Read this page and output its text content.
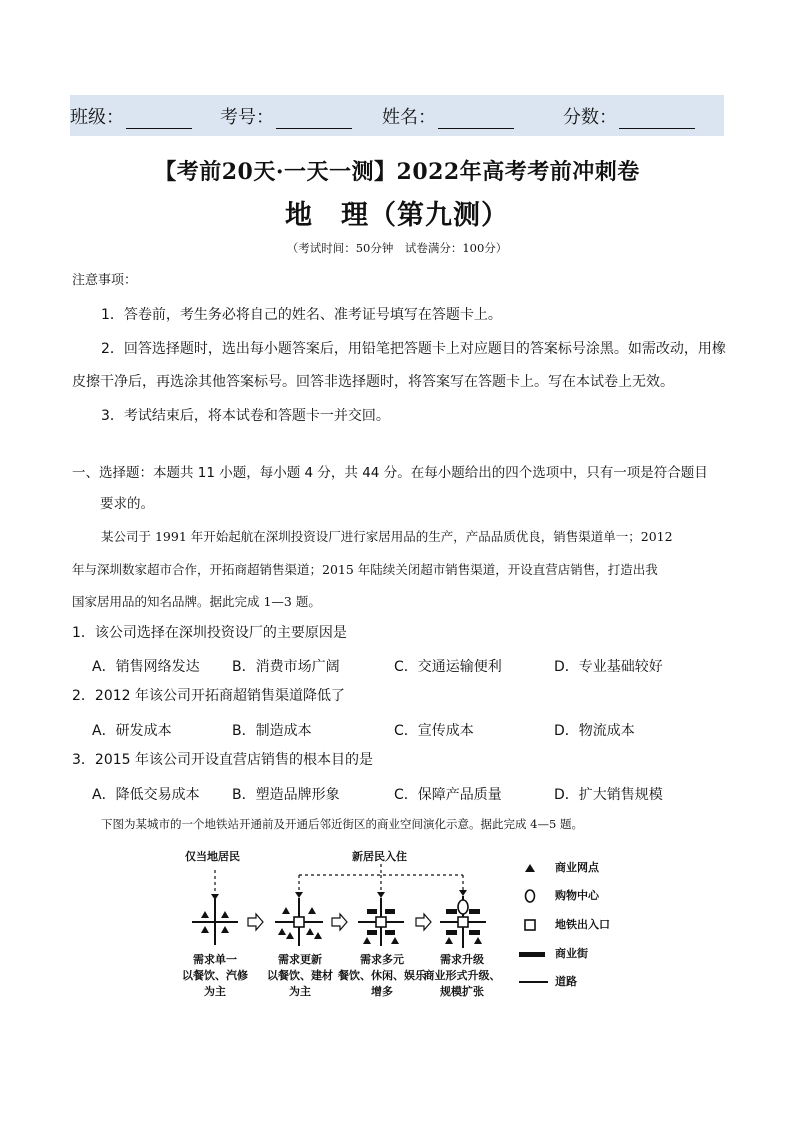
班级：	考号：	姓名：	分数：
【考前20天·一天一测】2022年高考考前冲刺卷
地　理（第九测）
（考试时间：50分钟　试卷满分：100分）
注意事项：
1．答卷前，考生务必将自己的姓名、准考证号填写在答题卡上。
2．回答选择题时，选出每小题答案后，用铅笔把答题卡上对应题目的答案标号涂黑。如需改动，用橡
皮擦干净后，再选涂其他答案标号。回答非选择题时，将答案写在答题卡上。写在本试卷上无效。
3．考试结束后，将本试卷和答题卡一并交回。
一、选择题：本题共 11 小题，每小题 4 分，共 44 分。在每小题给出的四个选项中，只有一项是符合题目
要求的。
某公司于 1991 年开始起航在深圳投资设厂进行家居用品的生产，产品品质优良，销售渠道单一；2012
年与深圳数家超市合作，开拓商超销售渠道；2015 年陆续关闭超市销售渠道，开设直营店销售，打造出我
国家居用品的知名品牌。据此完成 1—3 题。
1．该公司选择在深圳投资设厂的主要原因是
A．销售网络发达 B．消费市场广阔	C．交通运输便利	D．专业基础较好
2．2012 年该公司开拓商超销售渠道降低了
A．研发成本	B．制造成本	C．宣传成本	D．物流成本
3．2015 年该公司开设直营店销售的根本目的是
A．降低交易成本 B．塑造品牌形象	C．保障产品质量	D．扩大销售规模
下图为某城市的一个地铁站开通前及开通后邻近街区的商业空间演化示意。据此完成 4—5 题。
仅当地居民	新居民入住
需求单一
以餐饮、汽修
为主
需求更新
以餐饮、建材
为主
需求多元
餐饮、休闲、娱乐
增多
需求升级
商业形式升级、
规模扩张
商业网点
购物中心
地铁出入口
商业街
道路
